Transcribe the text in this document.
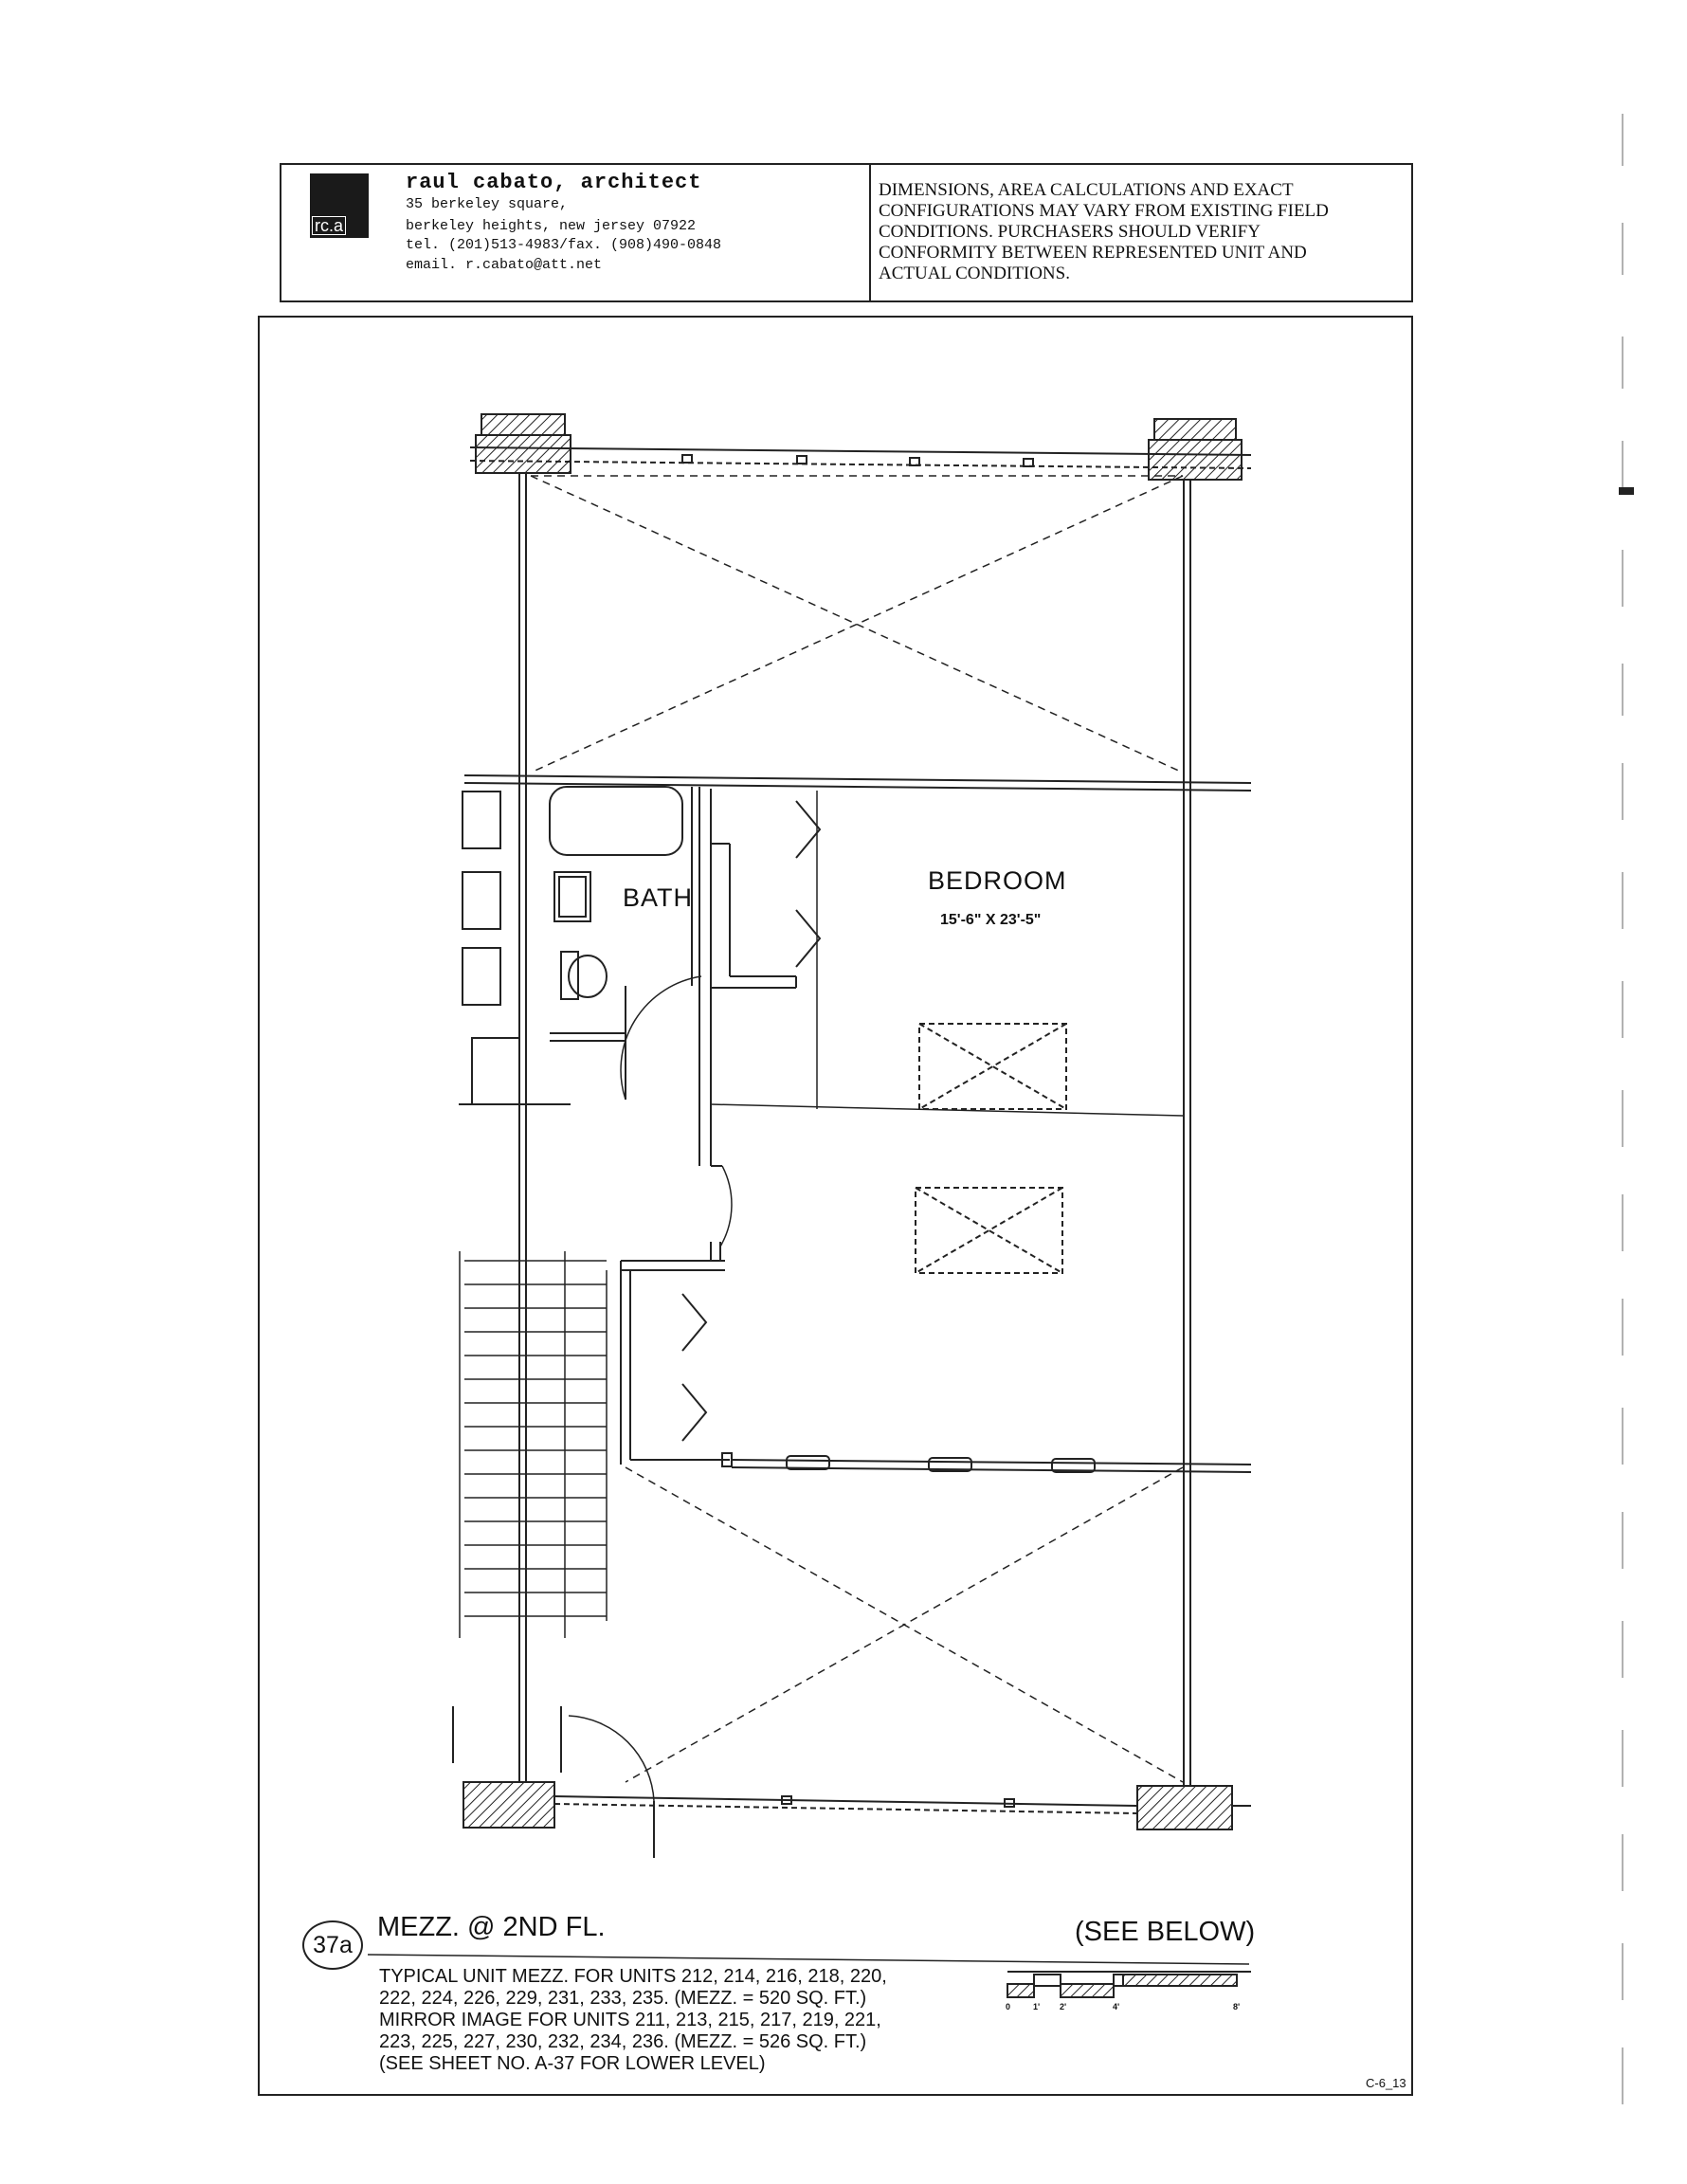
rc.a
raul cabato, architect
35 berkeley square,
berkeley heights, new jersey 07922
tel. (201)513-4983/fax. (908)490-0848
email. r.cabato@att.net
DIMENSIONS, AREA CALCULATIONS AND EXACT
CONFIGURATIONS MAY VARY FROM EXISTING FIELD
CONDITIONS. PURCHASERS SHOULD VERIFY
CONFORMITY BETWEEN REPRESENTED UNIT AND
ACTUAL CONDITIONS.
BATH
BEDROOM
15'-6" X 23'-5"
37a
MEZZ. @ 2ND FL.	(SEE BELOW)
TYPICAL UNIT MEZZ. FOR UNITS 212, 214, 216, 218, 220,
222, 224, 226, 229, 231, 233, 235. (MEZZ. = 520 SQ. FT.)
MIRROR IMAGE FOR UNITS 211, 213, 215, 217, 219, 221,
223, 225, 227, 230, 232, 234, 236. (MEZZ. = 526 SQ. FT.)
(SEE SHEET NO. A-37 FOR LOWER LEVEL)
0	1' 2'	4'	8'
C-6_13
